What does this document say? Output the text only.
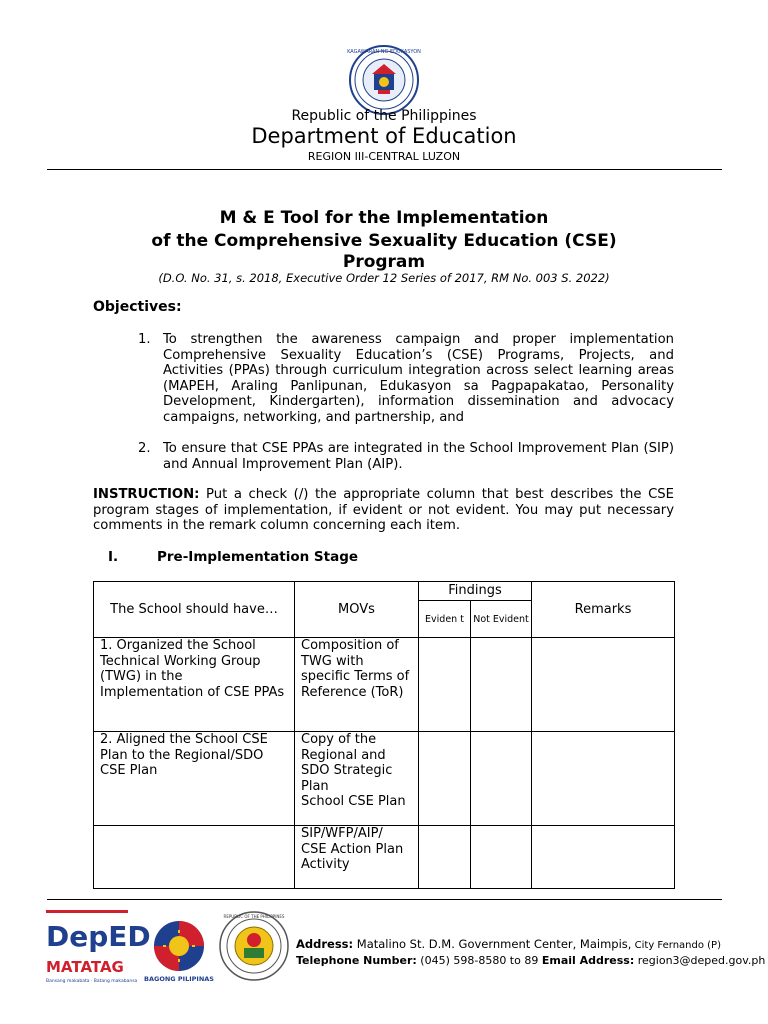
KAGAWARAN NG EDUKASYON
Republic of the Philippines
Department of Education
REGION III-CENTRAL LUZON
M & E Tool for the Implementation
of the Comprehensive Sexuality Education (CSE)
Program
(D.O. No. 31, s. 2018, Executive Order 12 Series of 2017, RM No. 003 S. 2022)
Objectives:
1. To strengthen the awareness campaign and proper implementation Comprehensive Sexuality Education’s (CSE) Programs, Projects, and Activities (PPAs) through curriculum integration across select learning areas (MAPEH, Araling Panlipunan, Edukasyon sa Pagpapakatao, Personality Development, Kindergarten), information dissemination and advocacy campaigns, networking, and partnership, and
2. To ensure that CSE PPAs are integrated in the School Improvement Plan (SIP) and Annual Improvement Plan (AIP).
INSTRUCTION: Put a check (/) the appropriate column that best describes the CSE program stages of implementation, if evident or not evident. You may put necessary comments in the remark column concerning each item.
I.	Pre-Implementation Stage
The School should have…	MOVs	Findings		Remarks
		Eviden t	Not Evident	
1. Organized the School Technical Working Group (TWG) in the Implementation of CSE PPAs	Composition of TWG with specific Terms of Reference (ToR)			
2. Aligned the School CSE Plan to the Regional/SDO CSE Plan	Copy of the Regional and SDO Strategic Plan
School CSE Plan			
	SIP/WFP/AIP/ CSE Action Plan
Activity			
DepED
MATATAG
Bansang makabata · Batang makabansa BAGONG PILIPINAS
REPUBLIC OF THE PHILIPPINES
Address: Matalino St. D.M. Government Center, Maimpis, City Fernando (P)
Telephone Number: (045) 598-8580 to 89 Email Address: region3@deped.gov.ph
